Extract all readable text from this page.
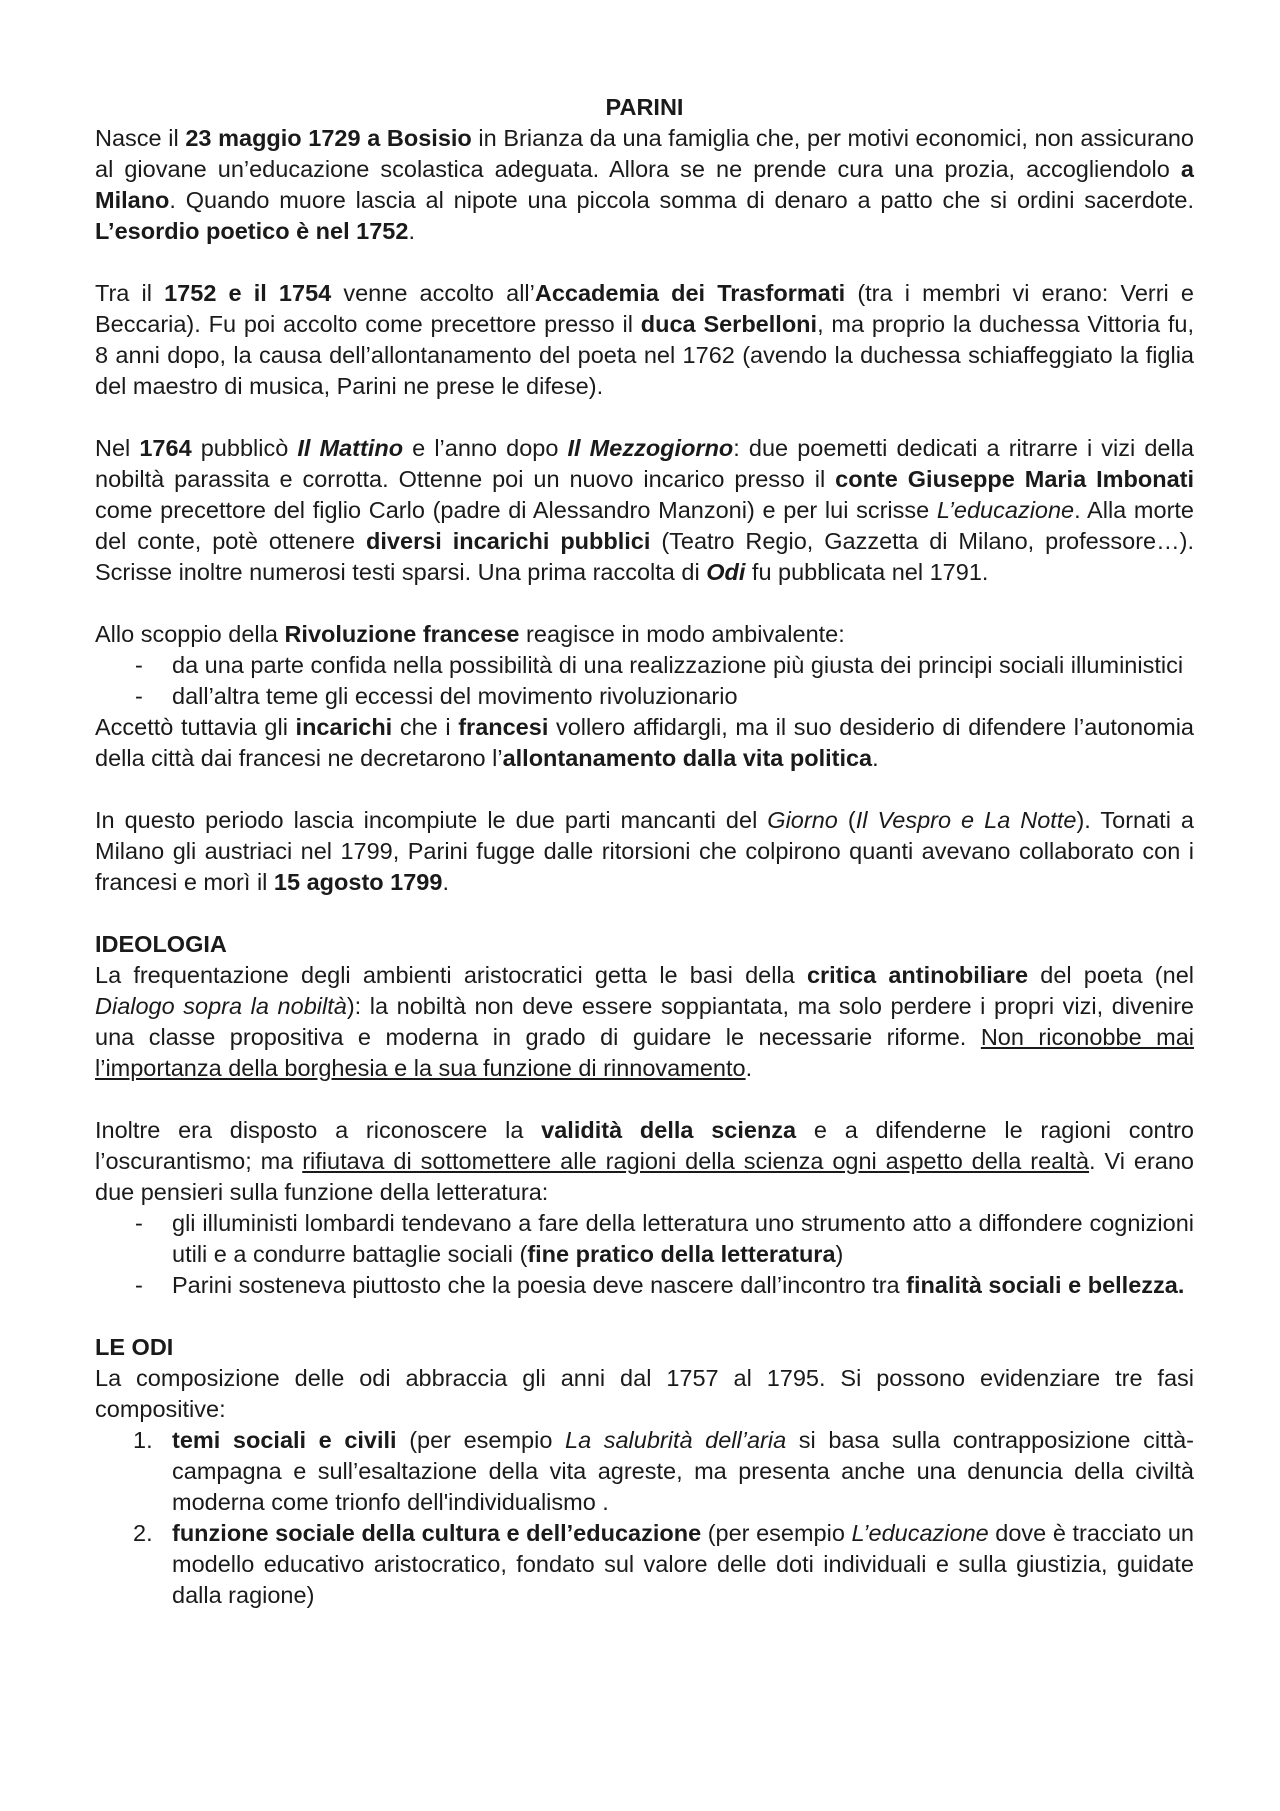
PARINI

Nasce il 23 maggio 1729 a Bosisio in Brianza da una famiglia che, per motivi economici, non assicurano al giovane un’educazione scolastica adeguata. Allora se ne prende cura una prozia, accogliendolo a Milano. Quando muore lascia al nipote una piccola somma di denaro a patto che si ordini sacerdote. L’esordio poetico è nel 1752.

Tra il 1752 e il 1754 venne accolto all’Accademia dei Trasformati (tra i membri vi erano: Verri e Beccaria). Fu poi accolto come precettore presso il duca Serbelloni, ma proprio la duchessa Vittoria fu, 8 anni dopo, la causa dell’allontanamento del poeta nel 1762 (avendo la duchessa schiaffeggiato la figlia del maestro di musica, Parini ne prese le difese).

Nel 1764 pubblicò Il Mattino e l’anno dopo Il Mezzogiorno: due poemetti dedicati a ritrarre i vizi della nobiltà parassita e corrotta. Ottenne poi un nuovo incarico presso il conte Giuseppe Maria Imbonati come precettore del figlio Carlo (padre di Alessandro Manzoni) e per lui scrisse L’educazione. Alla morte del conte, potè ottenere diversi incarichi pubblici (Teatro Regio, Gazzetta di Milano, professore…). Scrisse inoltre numerosi testi sparsi. Una prima raccolta di Odi fu pubblicata nel 1791.

Allo scoppio della Rivoluzione francese reagisce in modo ambivalente:

- da una parte confida nella possibilità di una realizzazione più giusta dei principi sociali illuministici
- dall’altra teme gli eccessi del movimento rivoluzionario

Accettò tuttavia gli incarichi che i francesi vollero affidargli, ma il suo desiderio di difendere l’autonomia della città dai francesi ne decretarono l’allontanamento dalla vita politica.

In questo periodo lascia incompiute le due parti mancanti del Giorno (Il Vespro e La Notte). Tornati a Milano gli austriaci nel 1799, Parini fugge dalle ritorsioni che colpirono quanti avevano collaborato con i francesi e morì il 15 agosto 1799.

IDEOLOGIA

La frequentazione degli ambienti aristocratici getta le basi della critica antinobiliare del poeta (nel Dialogo sopra la nobiltà): la nobiltà non deve essere soppiantata, ma solo perdere i propri vizi, divenire una classe propositiva e moderna in grado di guidare le necessarie riforme. Non riconobbe mai l’importanza della borghesia e la sua funzione di rinnovamento.

Inoltre era disposto a riconoscere la validità della scienza e a difenderne le ragioni contro l’oscurantismo; ma rifiutava di sottomettere alle ragioni della scienza ogni aspetto della realtà. Vi erano due pensieri sulla funzione della letteratura:

- gli illuministi lombardi tendevano a fare della letteratura uno strumento atto a diffondere cognizioni utili e a condurre battaglie sociali (fine pratico della letteratura)
- Parini sosteneva piuttosto che la poesia deve nascere dall’incontro tra finalità sociali e bellezza.

LE ODI

La composizione delle odi abbraccia gli anni dal 1757 al 1795. Si possono evidenziare tre fasi compositive:

1. temi sociali e civili (per esempio La salubrità dell’aria si basa sulla contrapposizione città-campagna e sull’esaltazione della vita agreste, ma presenta anche una denuncia della civiltà moderna come trionfo dell'individualismo .
2. funzione sociale della cultura e dell’educazione (per esempio L’educazione dove è tracciato un modello educativo aristocratico, fondato sul valore delle doti individuali e sulla giustizia, guidate dalla ragione)
